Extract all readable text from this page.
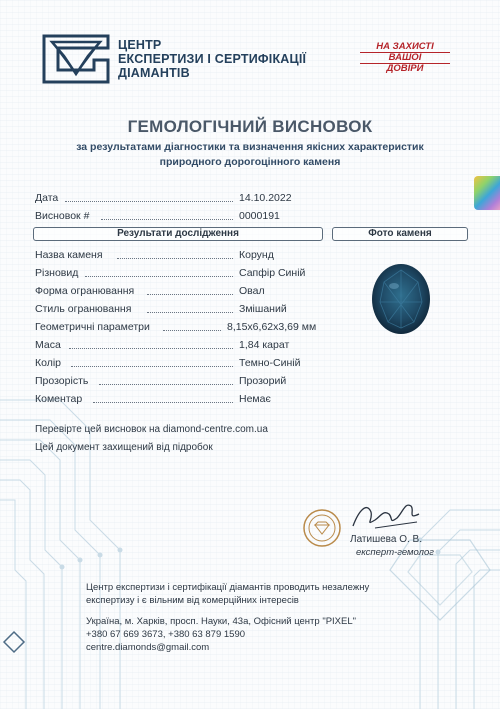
ЦЕНТР
ЕКСПЕРТИЗИ І СЕРТИФІКАЦІЇ
ДІАМАНТІВ
НА ЗАХИСТІ
ВАШОЇ
ДОВІРИ
ГЕМОЛОГІЧНИЙ ВИСНОВОК
за результатами діагностики та визначення якісних характеристик
природного дорогоцінного каменя
Дата	14.10.2022
Висновок #	0000191
Результати дослідження	Фото каменя
Назва каменя	Корунд
Різновид	Сапфір Синій
Форма огранювання	Овал
Стиль огранювання	Змішаний
Геометричні параметри	8,15x6,62x3,69 мм
Маса	1,84 карат
Колір	Темно-Синій
Прозорість	Прозорий
Коментар	Немає
Перевірте цей висновок на diamond-centre.com.ua
Цей документ захищений від підробок
Латишева О. В.
експерт-гемолог
Центр експертизи і сертифікації діамантів проводить незалежну
експертизу і є вільним від комерційних інтересів
Україна, м. Харків, просп. Науки, 43а, Офісний центр "PIXEL"
+380 67 669 3673, +380 63 879 1590
centre.diamonds@gmail.com
